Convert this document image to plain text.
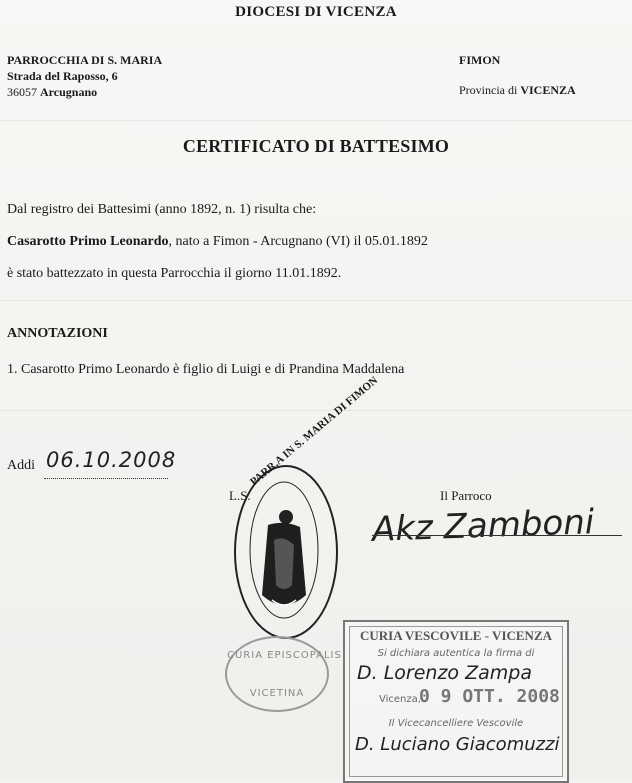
DIOCESI DI VICENZA
PARROCCHIA DI S. MARIA
Strada del Raposso, 6
36057 Arcugnano
FIMON
Provincia di VICENZA
CERTIFICATO DI BATTESIMO
Dal registro dei Battesimi (anno 1892, n. 1) risulta che:
Casarotto Primo Leonardo, nato a Fimon - Arcugnano (VI) il 05.01.1892
è stato battezzato in questa Parrocchia il giorno 11.01.1892.
ANNOTAZIONI
1. Casarotto Primo Leonardo è figlio di Luigi e di Prandina Maddalena
Addi 06.10.2008
L.S.	Il Parroco
Akz Zamboni
PARR.A IN S. MARIA DI FIMON
CURIA EPISCOPALIS
VICETINA
CURIA VESCOVILE - VICENZA
Si dichiara autentica la firma di
D. Lorenzo Zampa
Vicenza,
0 9 OTT. 2008
Il Vicecancelliere Vescovile
D. Luciano Giacomuzzi
